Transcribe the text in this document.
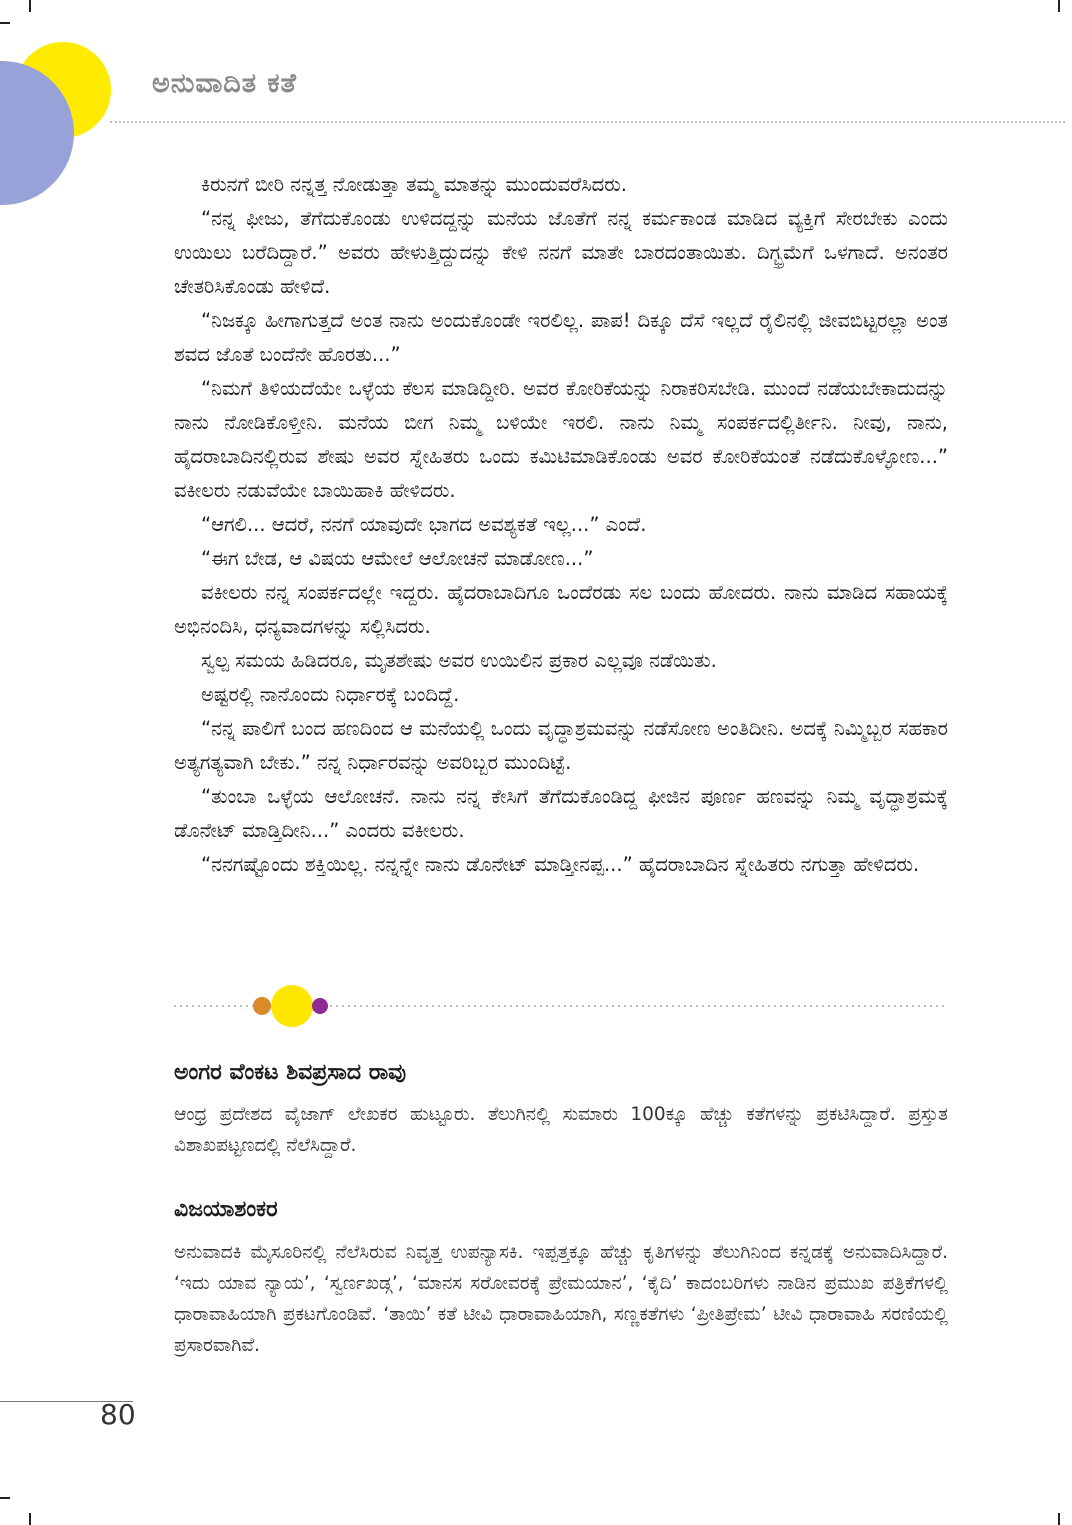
ಅನುವಾದಿತ ಕತೆ

ಕಿರುನಗೆ ಬೀರಿ ನನ್ನತ್ತ ನೋಡುತ್ತಾ ತಮ್ಮ ಮಾತನ್ನು ಮುಂದುವರೆಸಿದರು.

“ನನ್ನ ಫೀಜು, ತೆಗೆದುಕೊಂಡು ಉಳಿದದ್ದನ್ನು ಮನೆಯ ಜೊತೆಗೆ ನನ್ನ ಕರ್ಮಕಾಂಡ ಮಾಡಿದ ವ್ಯಕ್ತಿಗೆ ಸೇರಬೇಕು ಎಂದು ಉಯಿಲು ಬರೆದಿದ್ದಾರೆ.” ಅವರು ಹೇಳುತ್ತಿದ್ದುದನ್ನು ಕೇಳಿ ನನಗೆ ಮಾತೇ ಬಾರದಂತಾಯಿತು. ದಿಗ್ಭ್ರಮೆಗೆ ಒಳಗಾದೆ. ಅನಂತರ ಚೇತರಿಸಿಕೊಂಡು ಹೇಳಿದೆ.

“ನಿಜಕ್ಕೂ ಹೀಗಾಗುತ್ತದೆ ಅಂತ ನಾನು ಅಂದುಕೊಂಡೇ ಇರಲಿಲ್ಲ. ಪಾಪ! ದಿಕ್ಕೂ ದೆಸೆ ಇಲ್ಲದೆ ರೈಲಿನಲ್ಲಿ ಜೀವಬಿಟ್ಟರಲ್ಲಾ ಅಂತ ಶವದ ಜೊತೆ ಬಂದೆನೇ ಹೊರತು...”

“ನಿಮಗೆ ತಿಳಿಯದೆಯೇ ಒಳ್ಳೆಯ ಕೆಲಸ ಮಾಡಿದ್ದೀರಿ. ಅವರ ಕೋರಿಕೆಯನ್ನು ನಿರಾಕರಿಸಬೇಡಿ. ಮುಂದೆ ನಡೆಯಬೇಕಾದುದನ್ನು ನಾನು ನೋಡಿಕೊಳ್ತೀನಿ. ಮನೆಯ ಬೀಗ ನಿಮ್ಮ ಬಳಿಯೇ ಇರಲಿ. ನಾನು ನಿಮ್ಮ ಸಂಪರ್ಕದಲ್ಲಿರ್ತೀನಿ. ನೀವು, ನಾನು, ಹೈದರಾಬಾದಿನಲ್ಲಿರುವ ಶೇಷು ಅವರ ಸ್ನೇಹಿತರು ಒಂದು ಕಮಿಟಿಮಾಡಿಕೊಂಡು ಅವರ ಕೋರಿಕೆಯಂತೆ ನಡೆದುಕೊಳ್ಳೋಣ...” ವಕೀಲರು ನಡುವೆಯೇ ಬಾಯಿಹಾಕಿ ಹೇಳಿದರು.

“ಆಗಲಿ... ಆದರೆ, ನನಗೆ ಯಾವುದೇ ಭಾಗದ ಅವಶ್ಯಕತೆ ಇಲ್ಲ...” ಎಂದೆ.

“ಈಗ ಬೇಡ, ಆ ವಿಷಯ ಆಮೇಲೆ ಆಲೋಚನೆ ಮಾಡೋಣ...”

ವಕೀಲರು ನನ್ನ ಸಂಪರ್ಕದಲ್ಲೇ ಇದ್ದರು. ಹೈದರಾಬಾದಿಗೂ ಒಂದೆರಡು ಸಲ ಬಂದು ಹೋದರು. ನಾನು ಮಾಡಿದ ಸಹಾಯಕ್ಕೆ ಅಭಿನಂದಿಸಿ, ಧನ್ಯವಾದಗಳನ್ನು ಸಲ್ಲಿಸಿದರು.

ಸ್ವಲ್ಪ ಸಮಯ ಹಿಡಿದರೂ, ಮೃತಶೇಷು ಅವರ ಉಯಿಲಿನ ಪ್ರಕಾರ ಎಲ್ಲವೂ ನಡೆಯಿತು.

ಅಷ್ಟರಲ್ಲಿ ನಾನೊಂದು ನಿರ್ಧಾರಕ್ಕೆ ಬಂದಿದ್ದೆ.

“ನನ್ನ ಪಾಲಿಗೆ ಬಂದ ಹಣದಿಂದ ಆ ಮನೆಯಲ್ಲಿ ಒಂದು ವೃದ್ಧಾಶ್ರಮವನ್ನು ನಡೆಸೋಣ ಅಂತಿದೀನಿ. ಅದಕ್ಕೆ ನಿಮ್ಮಿಬ್ಬರ ಸಹಕಾರ ಅತ್ಯಗತ್ಯವಾಗಿ ಬೇಕು.” ನನ್ನ ನಿರ್ಧಾರವನ್ನು ಅವರಿಬ್ಬರ ಮುಂದಿಟ್ಟೆ.

“ತುಂಬಾ ಒಳ್ಳೆಯ ಆಲೋಚನೆ. ನಾನು ನನ್ನ ಕೇಸಿಗೆ ತೆಗೆದುಕೊಂಡಿದ್ದ ಫೀಜಿನ ಪೂರ್ಣ ಹಣವನ್ನು ನಿಮ್ಮ ವೃದ್ಧಾಶ್ರಮಕ್ಕೆ ಡೊನೇಟ್ ಮಾಡ್ತಿದೀನಿ...” ಎಂದರು ವಕೀಲರು.

“ನನಗಷ್ಟೊಂದು ಶಕ್ತಿಯಿಲ್ಲ. ನನ್ನನ್ನೇ ನಾನು ಡೊನೇಟ್ ಮಾಡ್ತೀನಪ್ಪ...” ಹೈದರಾಬಾದಿನ ಸ್ನೇಹಿತರು ನಗುತ್ತಾ ಹೇಳಿದರು.

ಅಂಗರ ವೆಂಕಟ ಶಿವಪ್ರಸಾದ ರಾವು

ಆಂಧ್ರ ಪ್ರದೇಶದ ವೈಜಾಗ್ ಲೇಖಕರ ಹುಟ್ಟೂರು. ತೆಲುಗಿನಲ್ಲಿ ಸುಮಾರು 100ಕ್ಕೂ ಹೆಚ್ಚು ಕತೆಗಳನ್ನು ಪ್ರಕಟಿಸಿದ್ದಾರೆ. ಪ್ರಸ್ತುತ ವಿಶಾಖಪಟ್ಟಣದಲ್ಲಿ ನೆಲೆಸಿದ್ದಾರೆ.

ವಿಜಯಾಶಂಕರ

ಅನುವಾದಕಿ ಮೈಸೂರಿನಲ್ಲಿ ನೆಲೆಸಿರುವ ನಿವೃತ್ತ ಉಪನ್ಯಾಸಕಿ. ಇಪ್ಪತ್ತಕ್ಕೂ ಹೆಚ್ಚು ಕೃತಿಗಳನ್ನು ತೆಲುಗಿನಿಂದ ಕನ್ನಡಕ್ಕೆ ಅನುವಾದಿಸಿದ್ದಾರೆ. ‘ಇದು ಯಾವ ನ್ಯಾಯ’, ‘ಸ್ವರ್ಣಖಡ್ಗ’, ‘ಮಾನಸ ಸರೋವರಕ್ಕೆ ಪ್ರೇಮಯಾನ’, ‘ಕೈದಿ’ ಕಾದಂಬರಿಗಳು ನಾಡಿನ ಪ್ರಮುಖ ಪತ್ರಿಕೆಗಳಲ್ಲಿ ಧಾರಾವಾಹಿಯಾಗಿ ಪ್ರಕಟಗೊಂಡಿವೆ. ‘ತಾಯಿ’ ಕತೆ ಟೀವಿ ಧಾರಾವಾಹಿಯಾಗಿ, ಸಣ್ಣಕತೆಗಳು ‘ಪ್ರೀತಿಪ್ರೇಮ’ ಟೀವಿ ಧಾರಾವಾಹಿ ಸರಣಿಯಲ್ಲಿ ಪ್ರಸಾರವಾಗಿವೆ.

80
